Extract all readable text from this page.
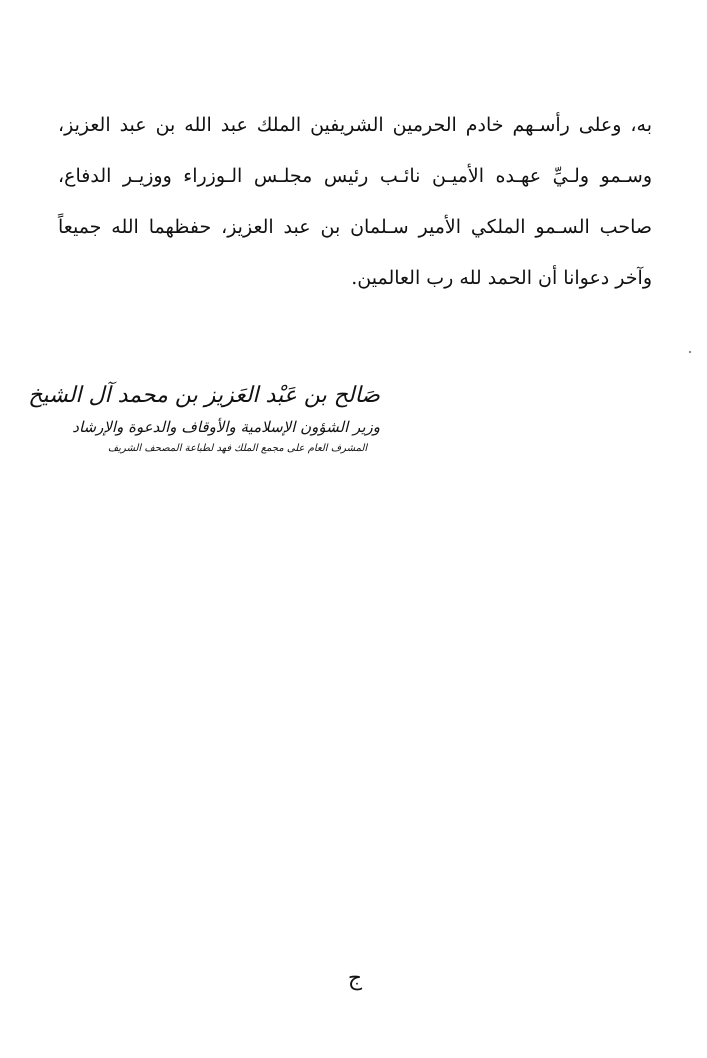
به، وعلى رأسـهم خادم الحرمين الشريفين الملك عبد الله بن عبد العزيز،

وسـمو ولـيِّ عهـده الأميـن نائـب رئيس مجلـس الـوزراء ووزيـر الدفاع،

صاحب السـمو الملكي الأمير سـلمان بن عبد العزيز، حفظهما الله جميعاً

وآخر دعوانا أن الحمد لله رب العالمين.

صَالح بن عَبْد العَزيز بن محمد آل الشيخ
وزير الشؤون الإسلامية والأوقاف والدعوة والإرشاد
المشرف العام على مجمع الملك فهد لطباعة المصحف الشريف
ج
